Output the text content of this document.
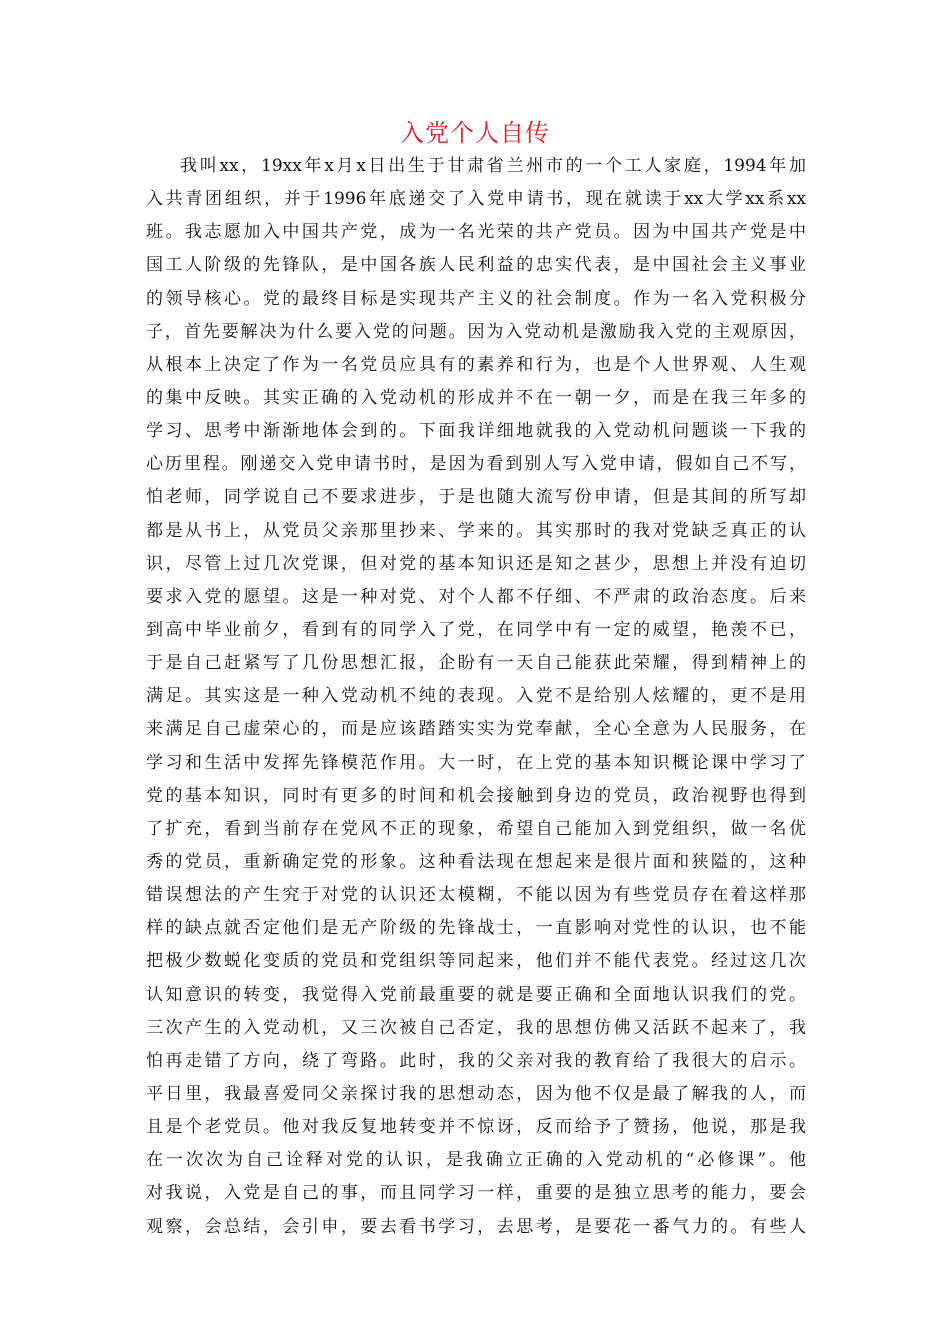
入党个人自传
我叫xx，19xx年x月x日出生于甘肃省兰州市的一个工人家庭，1994年加
入共青团组织，并于1996年底递交了入党申请书，现在就读于xx大学xx系xx
班。我志愿加入中国共产党，成为一名光荣的共产党员。因为中国共产党是中
国工人阶级的先锋队，是中国各族人民利益的忠实代表，是中国社会主义事业
的领导核心。党的最终目标是实现共产主义的社会制度。作为一名入党积极分
子，首先要解决为什么要入党的问题。因为入党动机是激励我入党的主观原因，
从根本上决定了作为一名党员应具有的素养和行为，也是个人世界观、人生观
的集中反映。其实正确的入党动机的形成并不在一朝一夕，而是在我三年多的
学习、思考中渐渐地体会到的。下面我详细地就我的入党动机问题谈一下我的
心历里程。刚递交入党申请书时，是因为看到别人写入党申请，假如自己不写，
怕老师，同学说自己不要求进步，于是也随大流写份申请，但是其间的所写却
都是从书上，从党员父亲那里抄来、学来的。其实那时的我对党缺乏真正的认
识，尽管上过几次党课，但对党的基本知识还是知之甚少，思想上并没有迫切
要求入党的愿望。这是一种对党、对个人都不仔细、不严肃的政治态度。后来
到高中毕业前夕，看到有的同学入了党，在同学中有一定的威望，艳羡不已，
于是自己赶紧写了几份思想汇报，企盼有一天自己能获此荣耀，得到精神上的
满足。其实这是一种入党动机不纯的表现。入党不是给别人炫耀的，更不是用
来满足自己虚荣心的，而是应该踏踏实实为党奉献，全心全意为人民服务，在
学习和生活中发挥先锋模范作用。大一时，在上党的基本知识概论课中学习了
党的基本知识，同时有更多的时间和机会接触到身边的党员，政治视野也得到
了扩充，看到当前存在党风不正的现象，希望自己能加入到党组织，做一名优
秀的党员，重新确定党的形象。这种看法现在想起来是很片面和狭隘的，这种
错误想法的产生究于对党的认识还太模糊，不能以因为有些党员存在着这样那
样的缺点就否定他们是无产阶级的先锋战士，一直影响对党性的认识，也不能
把极少数蜕化变质的党员和党组织等同起来，他们并不能代表党。经过这几次
认知意识的转变，我觉得入党前最重要的就是要正确和全面地认识我们的党。
三次产生的入党动机，又三次被自己否定，我的思想仿佛又活跃不起来了，我
怕再走错了方向，绕了弯路。此时，我的父亲对我的教育给了我很大的启示。
平日里，我最喜爱同父亲探讨我的思想动态，因为他不仅是最了解我的人，而
且是个老党员。他对我反复地转变并不惊讶，反而给予了赞扬，他说，那是我
在一次次为自己诠释对党的认识，是我确立正确的入党动机的“必修课”。他
对我说，入党是自己的事，而且同学习一样，重要的是独立思考的能力，要会
观察，会总结，会引申，要去看书学习，去思考，是要花一番气力的。有些人
